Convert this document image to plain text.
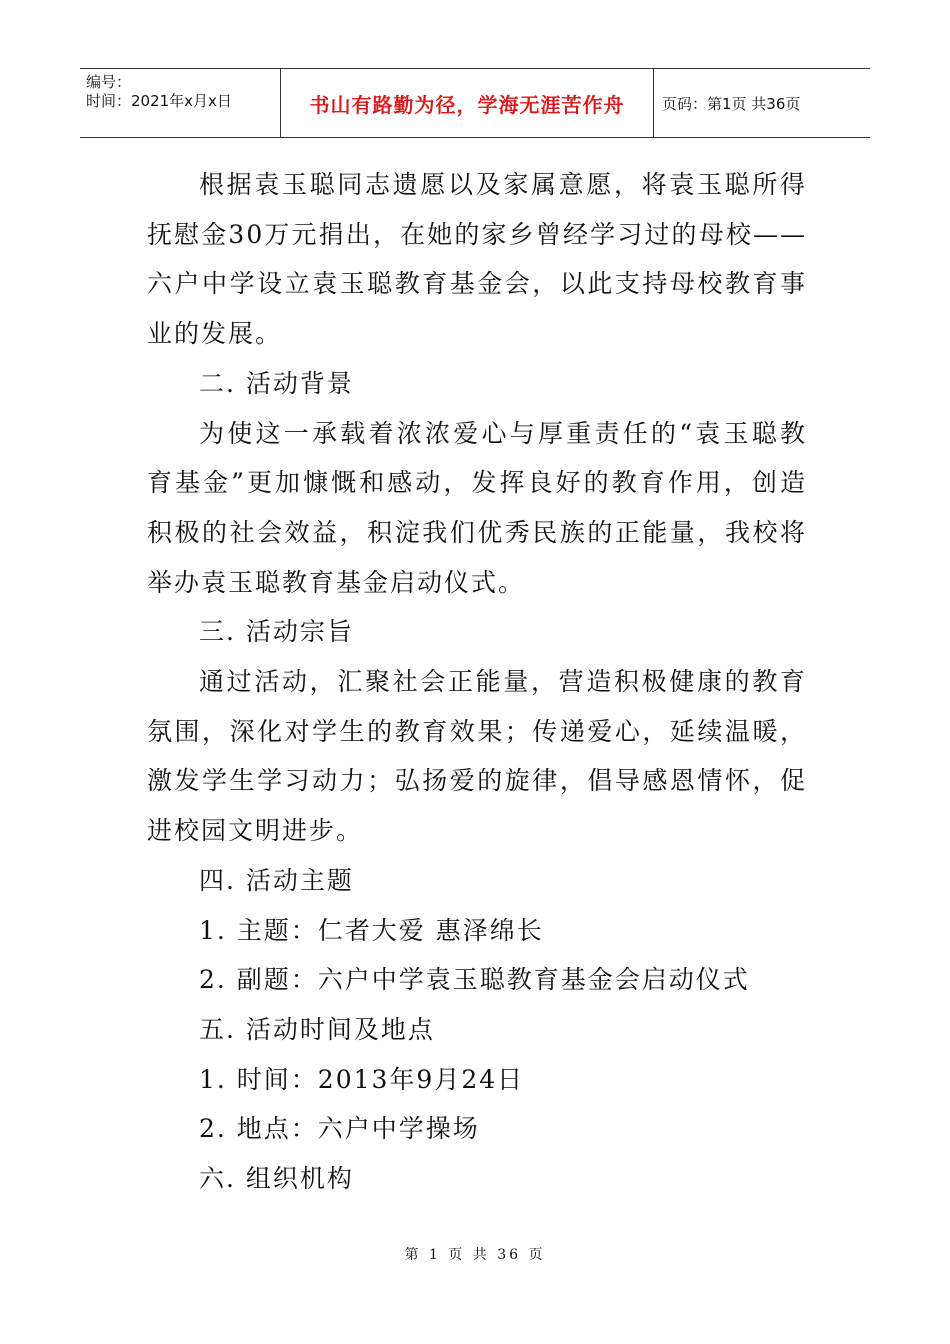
编号：
时间：2021年x月x日	书山有路勤为径，学海无涯苦作舟	页码：第1页 共36页

根据袁玉聪同志遗愿以及家属意愿，将袁玉聪所得抚慰金30万元捐出，在她的家乡曾经学习过的母校——六户中学设立袁玉聪教育基金会，以此支持母校教育事业的发展。

二. 活动背景

为使这一承载着浓浓爱心与厚重责任的“袁玉聪教育基金”更加慷慨和感动，发挥良好的教育作用，创造积极的社会效益，积淀我们优秀民族的正能量，我校将举办袁玉聪教育基金启动仪式。

三. 活动宗旨

通过活动，汇聚社会正能量，营造积极健康的教育氛围，深化对学生的教育效果；传递爱心，延续温暖，激发学生学习动力；弘扬爱的旋律，倡导感恩情怀，促进校园文明进步。

四. 活动主题

1. 主题：仁者大爱 惠泽绵长

2. 副题：六户中学袁玉聪教育基金会启动仪式

五. 活动时间及地点

1. 时间：2013年9月24日

2. 地点：六户中学操场

六. 组织机构

第 1 页 共 36 页
